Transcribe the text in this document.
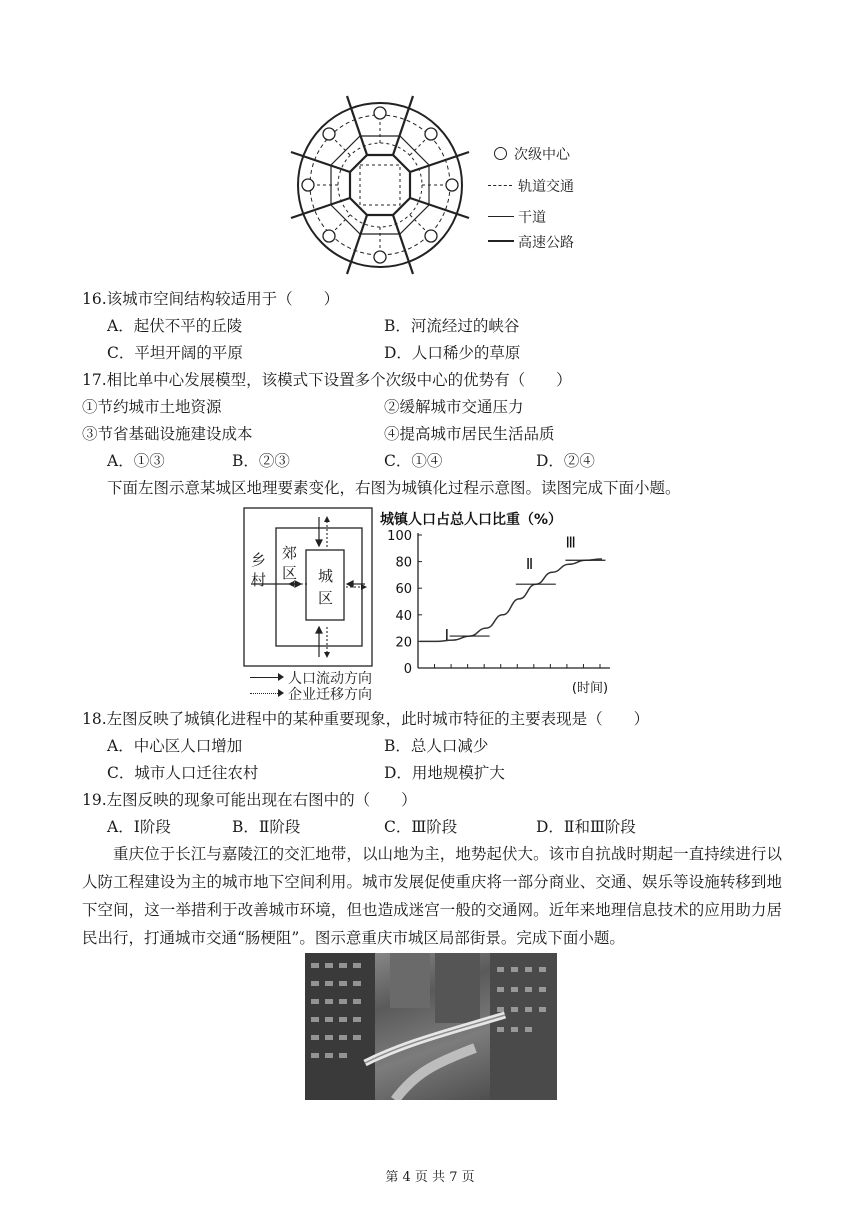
次级中心
轨道交通
干道
高速公路
16.该城市空间结构较适用于（　　）
A．起伏不平的丘陵	B．河流经过的峡谷
C．平坦开阔的平原	D．人口稀少的草原
17.相比单中心发展模型，该模式下设置多个次级中心的优势有（　　）
①节约城市土地资源	②缓解城市交通压力
③节省基础设施建设成本	④提高城市居民生活品质
A．①③	B．②③	C．①④	D．②④
下面左图示意某城区地理要素变化，右图为城镇化过程示意图。读图完成下面小题。
乡村
郊区 城区
人口流动方向
企业迁移方向
城镇人口占总人口比重（%）
0
20
40
60
80
100
(时间)
I
Ⅱ
Ⅲ
18.左图反映了城镇化进程中的某种重要现象，此时城市特征的主要表现是（　　）
A．中心区人口增加	B．总人口减少
C．城市人口迁往农村	D．用地规模扩大
19.左图反映的现象可能出现在右图中的（　　）
A．Ⅰ阶段	B．Ⅱ阶段	C．Ⅲ阶段	D．Ⅱ和Ⅲ阶段
重庆位于长江与嘉陵江的交汇地带，以山地为主，地势起伏大。该市自抗战时期起一直持续进行以人防工程建设为主的城市地下空间利用。城市发展促使重庆将一部分商业、交通、娱乐等设施转移到地下空间，这一举措利于改善城市环境，但也造成迷宫一般的交通网。近年来地理信息技术的应用助力居民出行，打通城市交通“肠梗阻”。图示意重庆市城区局部街景。完成下面小题。
第 4 页 共 7 页
